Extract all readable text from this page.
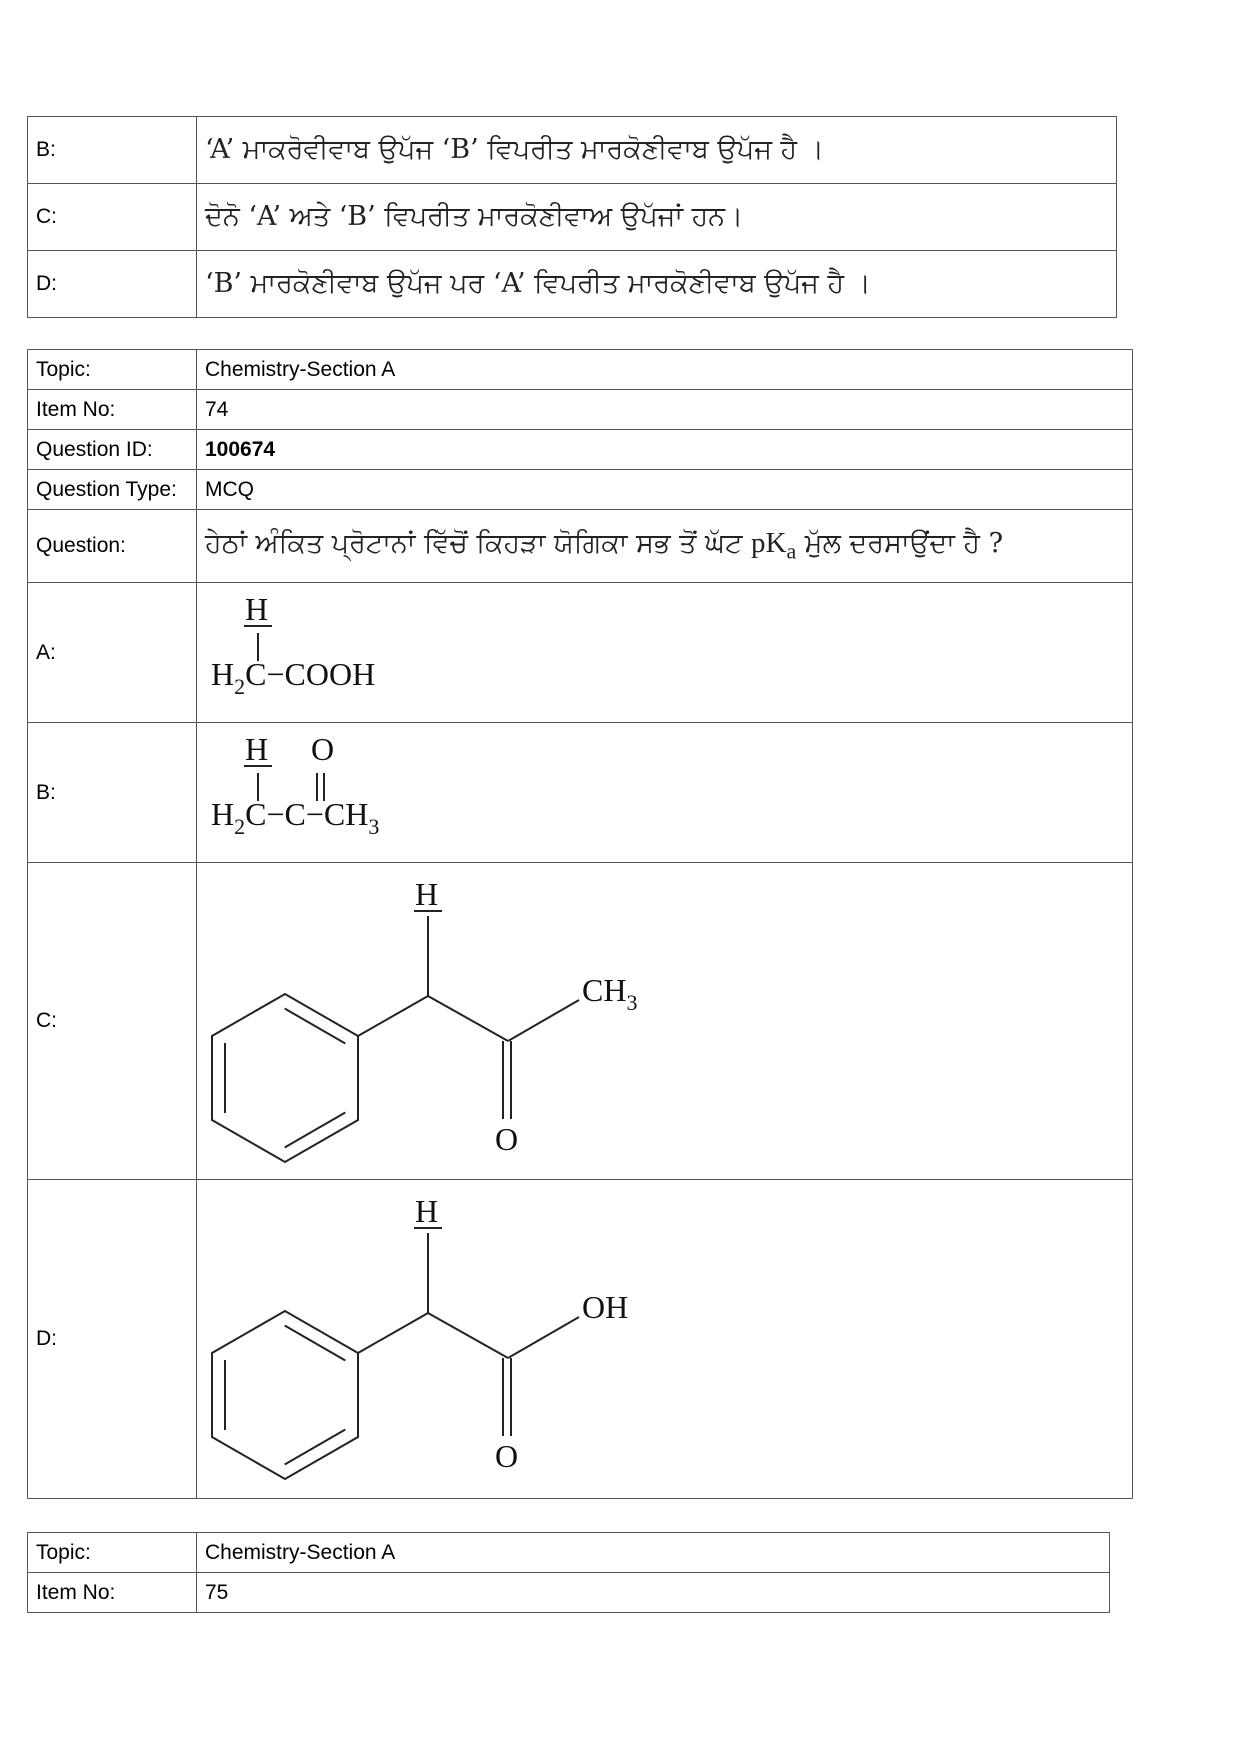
B:	‘A’ ਮਾਕਰੋਵੀਵਾਬ ਉਪੱਜ ‘B’ ਵਿਪਰੀਤ ਮਾਰਕੋਣੀਵਾਬ ਉਪੱਜ ਹੈ ।
C:	ਦੋਨੋ ‘A’ ਅਤੇ ‘B’ ਵਿਪਰੀਤ ਮਾਰਕੋਣੀਵਾਅ ਉਪੱਜਾਂ ਹਨ।
D:	‘B’ ਮਾਰਕੋਣੀਵਾਬ ਉਪੱਜ ਪਰ ‘A’ ਵਿਪਰੀਤ ਮਾਰਕੋਣੀਵਾਬ ਉਪੱਜ ਹੈ ।
Topic:	Chemistry-Section A
Item No:	74
Question ID:	100674
Question Type:	MCQ
Question:	ਹੇਠਾਂ ਅੰਕਿਤ ਪ੍ਰੋਟਾਨਾਂ ਵਿੱਚੋਂ ਕਿਹੜਾ ਯੋਗਿਕਾ ਸਭ ਤੋਂ ਘੱਟ $pK_a$ ਮੁੱਲ ਦਰਸਾਉਂਦਾ ਹੈ ?
A:	H
$H_2C-COOH$

B:	H O
$H_2C-C-CH_3$

C:	H
$CH_3$
O

D:	H
OH
O
Topic:	Chemistry-Section A
Item No:	75
